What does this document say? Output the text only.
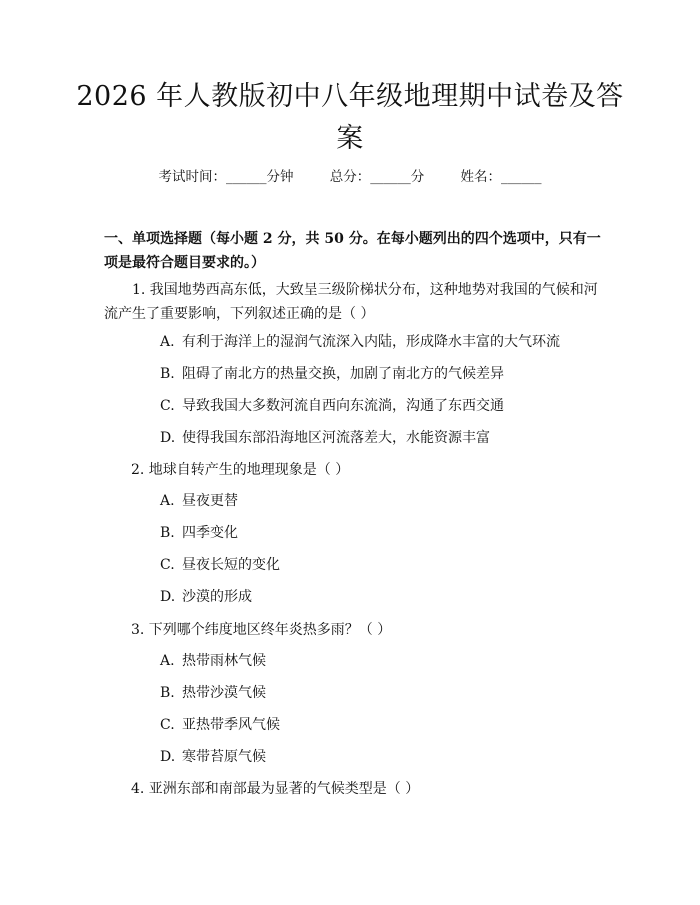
2026 年人教版初中八年级地理期中试卷及答案
考试时间：______分钟	总分：______分	姓名：______
一、单项选择题（每小题 2 分，共 50 分。在每小题列出的四个选项中，只有一项是最符合题目要求的。）
1. 我国地势西高东低，大致呈三级阶梯状分布，这种地势对我国的气候和河流产生了重要影响，下列叙述正确的是（ ）
A. 有利于海洋上的湿润气流深入内陆，形成降水丰富的大气环流
B. 阻碍了南北方的热量交换，加剧了南北方的气候差异
C. 导致我国大多数河流自西向东流淌，沟通了东西交通
D. 使得我国东部沿海地区河流落差大，水能资源丰富
2. 地球自转产生的地理现象是（ ）
A. 昼夜更替
B. 四季变化
C. 昼夜长短的变化
D. 沙漠的形成
3. 下列哪个纬度地区终年炎热多雨？（ ）
A. 热带雨林气候
B. 热带沙漠气候
C. 亚热带季风气候
D. 寒带苔原气候
4. 亚洲东部和南部最为显著的气候类型是（ ）
